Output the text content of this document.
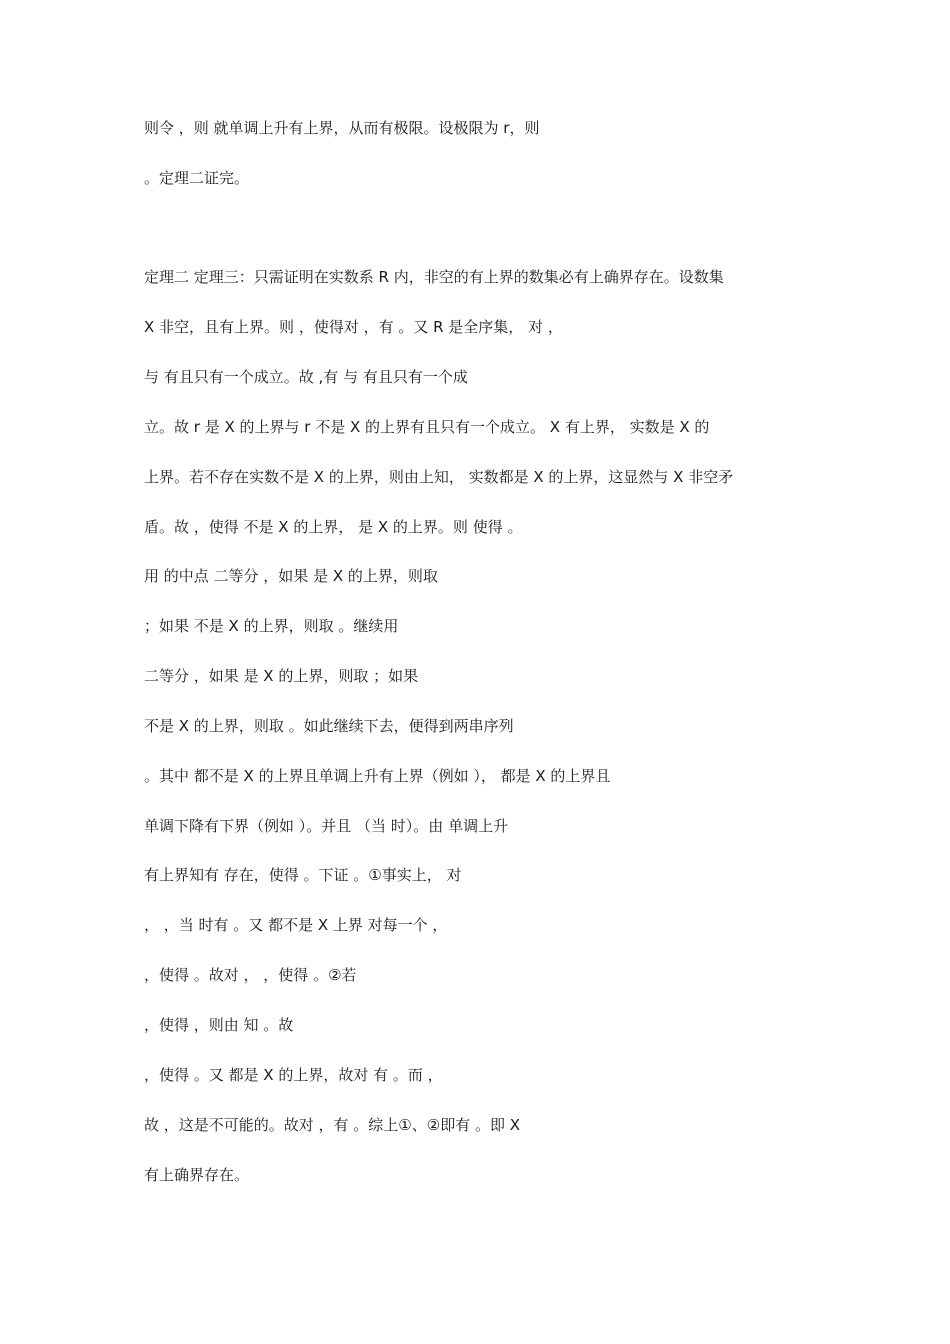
则令 ，则 就单调上升有上界，从而有极限。设极限为 r，则

。定理二证完。

定理二 定理三：只需证明在实数系 R 内，非空的有上界的数集必有上确界存在。设数集

X 非空，且有上界。则 ，使得对 ，有 。又 R 是全序集， 对 ，

与 有且只有一个成立。故 ,有 与 有且只有一个成

立。故 r 是 X 的上界与 r 不是 X 的上界有且只有一个成立。 X 有上界， 实数是 X 的

上界。若不存在实数不是 X 的上界，则由上知， 实数都是 X 的上界，这显然与 X 非空矛

盾。故 ，使得 不是 X 的上界， 是 X 的上界。则 使得 。

用 的中点 二等分 ，如果 是 X 的上界，则取

；如果 不是 X 的上界，则取 。继续用

二等分 ，如果 是 X 的上界，则取 ；如果

不是 X 的上界，则取 。如此继续下去，便得到两串序列

。其中 都不是 X 的上界且单调上升有上界（例如 ）， 都是 X 的上界且

单调下降有下界（例如 ）。并且 （当 时）。由 单调上升

有上界知有 存在，使得 。下证 。①事实上， 对

， ，当 时有 。又 都不是 X 上界 对每一个 ，

，使得 。故对 ， ，使得 。②若

，使得 ，则由 知 。故

，使得 。又 都是 X 的上界，故对 有 。而 ，

故 ，这是不可能的。故对 ，有 。综上①、②即有 。即 X

有上确界存在。
